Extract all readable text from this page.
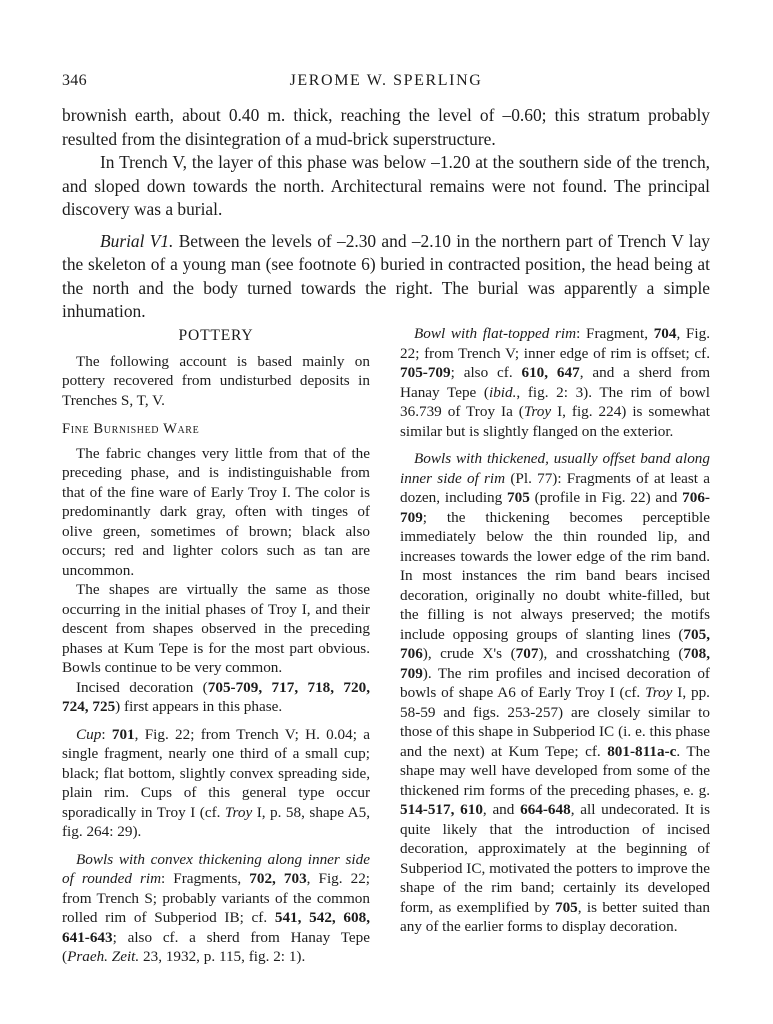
346	JEROME W. SPERLING

brownish earth, about 0.40 m. thick, reaching the level of –0.60; this stratum probably resulted from the disintegration of a mud-brick superstructure.

In Trench V, the layer of this phase was below –1.20 at the southern side of the trench, and sloped down towards the north. Architectural remains were not found. The principal discovery was a burial.

Burial V1. Between the levels of –2.30 and –2.10 in the northern part of Trench V lay the skeleton of a young man (see footnote 6) buried in contracted position, the head being at the north and the body turned towards the right. The burial was apparently a simple inhumation.

POTTERY

The following account is based mainly on pottery recovered from undisturbed deposits in Trenches S, T, V.

Fine Burnished Ware

The fabric changes very little from that of the preceding phase, and is indistinguishable from that of the fine ware of Early Troy I. The color is predominantly dark gray, often with tinges of olive green, sometimes of brown; black also occurs; red and lighter colors such as tan are uncommon.

The shapes are virtually the same as those occurring in the initial phases of Troy I, and their descent from shapes observed in the preceding phases at Kum Tepe is for the most part obvious. Bowls continue to be very common.

Incised decoration (705-709, 717, 718, 720, 724, 725) first appears in this phase.

Cup: 701, Fig. 22; from Trench V; H. 0.04; a single fragment, nearly one third of a small cup; black; flat bottom, slightly convex spreading side, plain rim. Cups of this general type occur sporadically in Troy I (cf. Troy I, p. 58, shape A5, fig. 264: 29).

Bowls with convex thickening along inner side of rounded rim: Fragments, 702, 703, Fig. 22; from Trench S; probably variants of the common rolled rim of Subperiod IB; cf. 541, 542, 608, 641-643; also cf. a sherd from Hanay Tepe (Praeh. Zeit. 23, 1932, p. 115, fig. 2: 1).

Bowl with flat-topped rim: Fragment, 704, Fig. 22; from Trench V; inner edge of rim is offset; cf. 705-709; also cf. 610, 647, and a sherd from Hanay Tepe (ibid., fig. 2: 3). The rim of bowl 36.739 of Troy Ia (Troy I, fig. 224) is somewhat similar but is slightly flanged on the exterior.

Bowls with thickened, usually offset band along inner side of rim (Pl. 77): Fragments of at least a dozen, including 705 (profile in Fig. 22) and 706-709; the thickening becomes perceptible immediately below the thin rounded lip, and increases towards the lower edge of the rim band. In most instances the rim band bears incised decoration, originally no doubt white-filled, but the filling is not always preserved; the motifs include opposing groups of slanting lines (705, 706), crude X's (707), and crosshatching (708, 709). The rim profiles and incised decoration of bowls of shape A6 of Early Troy I (cf. Troy I, pp. 58-59 and figs. 253-257) are closely similar to those of this shape in Subperiod IC (i. e. this phase and the next) at Kum Tepe; cf. 801-811a-c. The shape may well have developed from some of the thickened rim forms of the preceding phases, e. g. 514-517, 610, and 664-648, all undecorated. It is quite likely that the introduction of incised decoration, approximately at the beginning of Subperiod IC, motivated the potters to improve the shape of the rim band; certainly its developed form, as exemplified by 705, is better suited than any of the earlier forms to display decoration.
